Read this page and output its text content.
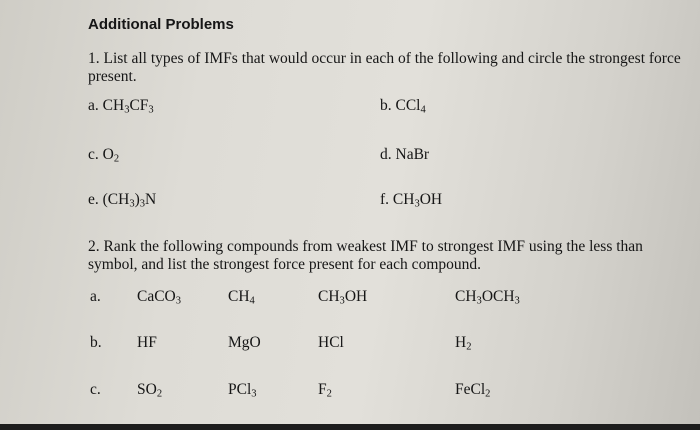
Additional Problems
1. List all types of IMFs that would occur in each of the following and circle the strongest force
present.
a. $CH_3CF_3$	b. CCl$_4$
c. $O_2$	d. NaBr
e. $(CH_3)_3N$	f. $CH_3OH$
2. Rank the following compounds from weakest IMF to strongest IMF using the less than
symbol, and list the strongest force present for each compound.
a. CaCO$_3$	$CH_4$	$CH_3OH$	$CH_3OCH_3$
b. HF	MgO	HCl	$H_2$
c. $SO_2$	PCl$_3$	$F_2$	FeCl$_2$
